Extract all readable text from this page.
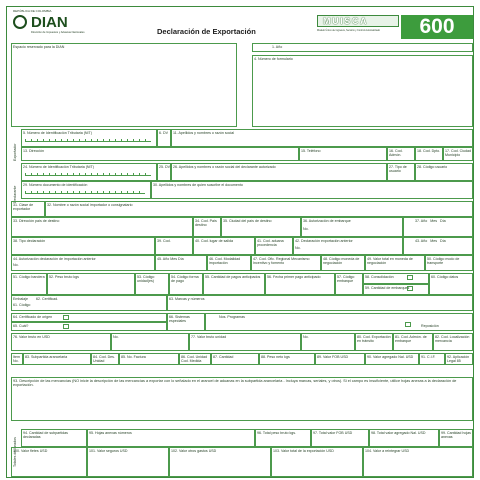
REPÚBLICA DE COLOMBIA
DIAN
Dirección de Impuestos y Aduanas Nacionales	Declaración de Exportación
MUISCA
Modelo Único de Ingresos, Servicio y Control Automatizado	600
Espacio reservado para la DIAN	1. Año
4. Número de formulario
Exportador
5. Número de Identificación Tributaria (NIT)	6. DV 11. Apellidos y nombres o razón social
13. Dirección	15. Teléfono	16. Cod. Admón.
18. Cod. Dpto. 17. Cod. Ciudad Municipio
Declarante
24. Número de Identificación Tributaria (NIT)	25. DV 26. Apellidos y nombres o razón social del declarante autorizado	27. Tipo de usuario
28. Código usuario
29. Número documento de identificación	30. Apellidos y nombres de quien suscribe el documento
31. Clase de exportador
32. Nombre o razón social importador o consignatario
33. Dirección país de destino	34. Cod. País destino
35. Ciudad del país de destino	36. Autorización de embarque
No.
37. Año Mes Día
38. Tipo declaración	39. Cod.	40. Cod. lugar de salida	41. Cod. aduana procedencia
42. Declaración exportación anterior
No.
43. Año Mes Día
44. Autorización declaración de importación anterior
No.
45. Año Mes Día	46. Cod. Modalidad importación
47. Cod. Ofic. Regional Mecanismo Incentivo y fomento
48. Código moneda de negociación
49. Valor total en moneda de negociación
50. Código modo de transporte
51. Código bandera 52. Peso bruto kgs	53. Código unidad(es)
54. Código forma de pago
55. Cantidad de pagos anticipados	56. Fecha primer pago anticipado	57. Código embarque
58. Consolidación
59. Cantidad de embarques
60. Código datos
Embalaje 62. Certificad.
61. Código
63. Marcas y números
64. Certificado de origen
65. Cuál?
66. Sistemas especiales
Nos. Programas
Reposición
76. Valor bruto en USD	No.	77. Valor bruto unidad	No.	80. Cod. Exportación en tránsito
81. Cod. Admón. de embarque
82. Cod. Localización mercancía
Item No.
83. Subpartida arancelaria	84. Cod. Des. Unidad
85. No. Factura	86. Cod. Unidad Cod. Medida
87. Cantidad	88. Peso neto kgs	89. Valor FOB USD	90. Valor agregado Nal. USD	91. C.I.F.	92. Aplicación Legal 85
93. Descripción de las mercancías (NO inicie la descripción de las mercancías a exportar con lo señalado en el arancel de aduanas en la subpartida arancelaria - Incluya marcas, seriales, y otros). Si el campo es insuficiente, utilice hojas anexas a la declaración de exportación.
Totales declarados
94. Cantidad de subpartidas declaradas
95. Hojas anexas números	96. Total peso bruto kgs.	97. Total valor FOB USD	98. Total valor agregado Nal. USD	99. Cantidad hojas anexas
100. Valor fletes USD	101. Valor seguros USD	102. Valor otros gastos USD	103. Valor total de la exportación USD	104. Valor a reintegrar USD
